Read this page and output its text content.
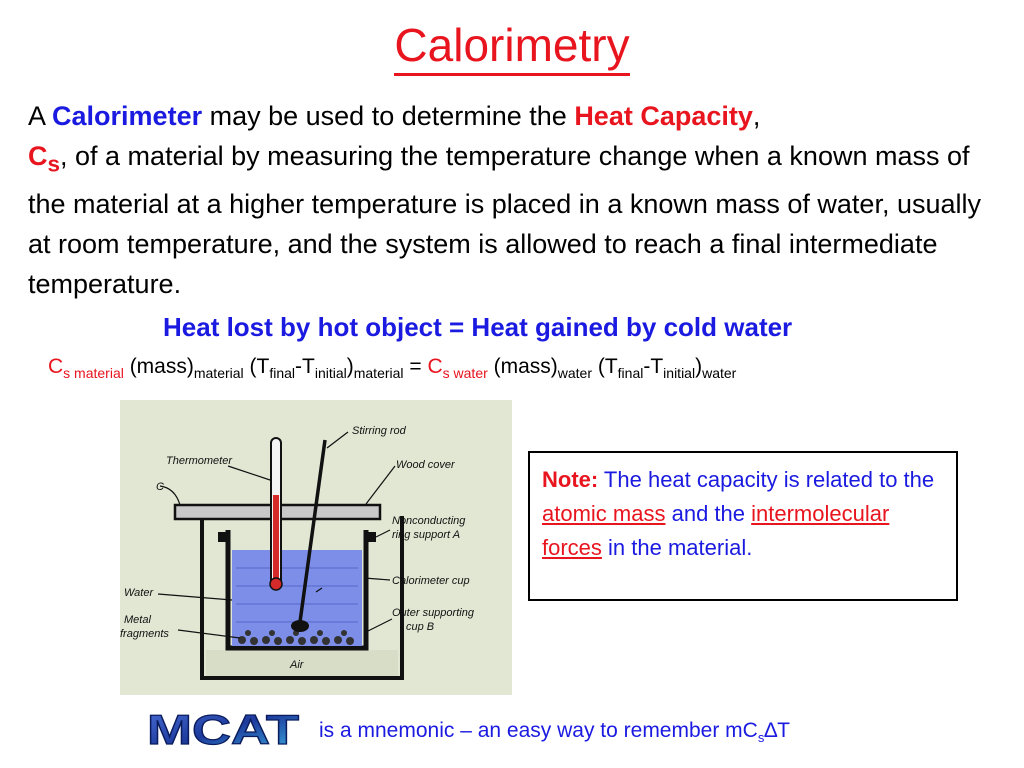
Calorimetry

A Calorimeter may be used to determine the Heat Capacity,
$C_s$, of a material by measuring the temperature change when a known mass of the material at a higher temperature is placed in a known mass of water, usually at room temperature, and the system is allowed to reach a final intermediate temperature.

Heat lost by hot object = Heat gained by cold water
$C_{s material}$ $(mass)_{material}$ $(T_{final}-T_{initial})_{material} = C_{s water}$ $(mass)_{water}$ $(T_{final}-T_{initial})_{water}$
Stirring rod
Thermometer	Wood cover
C
Nonconducting
ring support A
Calorimeter cup
Water
Metal
fragments
Outer supporting
cup B
Air
Note: The heat capacity is related to the atomic mass and the intermolecular forces in the material.
MCAT is a mnemonic – an easy way to remember $mC_s\Delta T$
